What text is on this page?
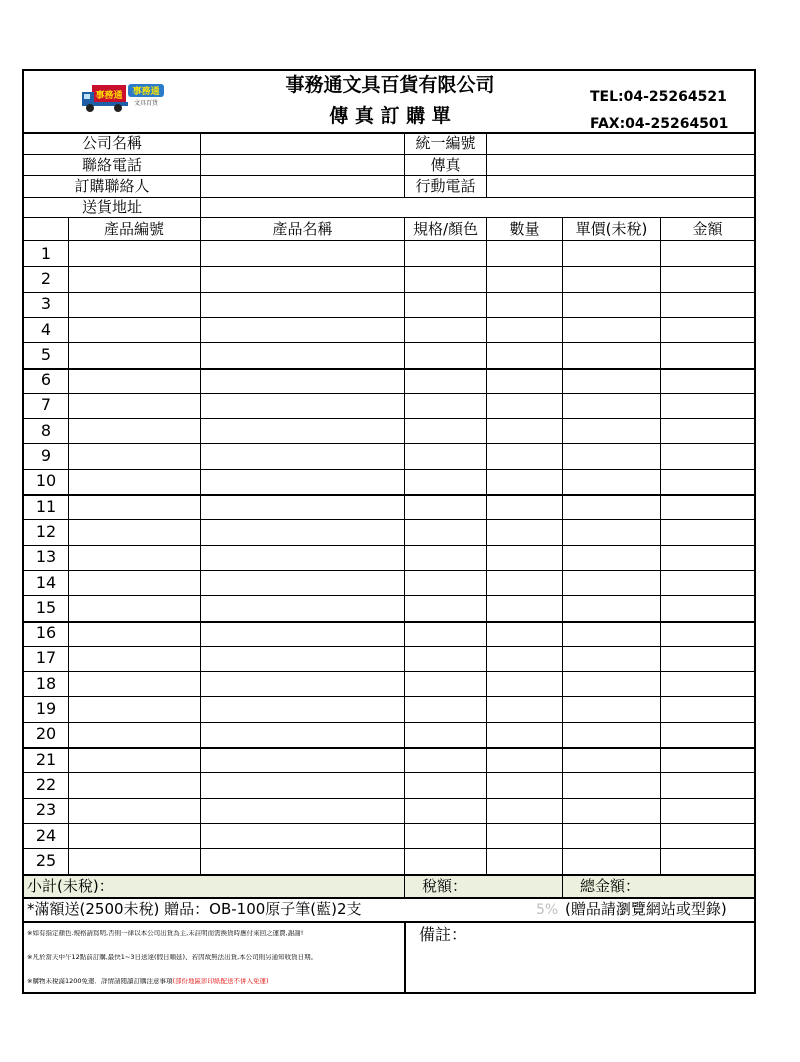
事務通 事務通
文具百貨
事務通文具百貨有限公司
傳 真 訂 購 單
TEL:04-25264521
FAX:04-25264501
公司名稱	統一編號
聯絡電話	傳真
訂購聯絡人	行動電話
送貨地址
產品編號	產品名稱	規格/顏色	數量	單價(未稅)	金額
1
2
3
4
5
6
7
8
9
10
11
12
13
14
15
16
17
18
19
20
21
22
23
24
25
小計(未稅)：	稅額：	總金額：
*滿額送(2500未稅) 贈品：OB-100原子筆(藍)2支	5% (贈品請瀏覽網站或型錄)
※如有指定顏色.規格請寫明,否則一律以本公司出貨為主,未註明而需換貨時應付來回之運費,謝謝!
※凡於當天中午12點前訂購,最快1~3日送達(假日順延)、若因故無法出貨,本公司則另通知收貨日期。
※購物未稅滿1200免運．詳情請閱讀訂購注意事項(部份地區影印紙配送不併入免運)
備註：
